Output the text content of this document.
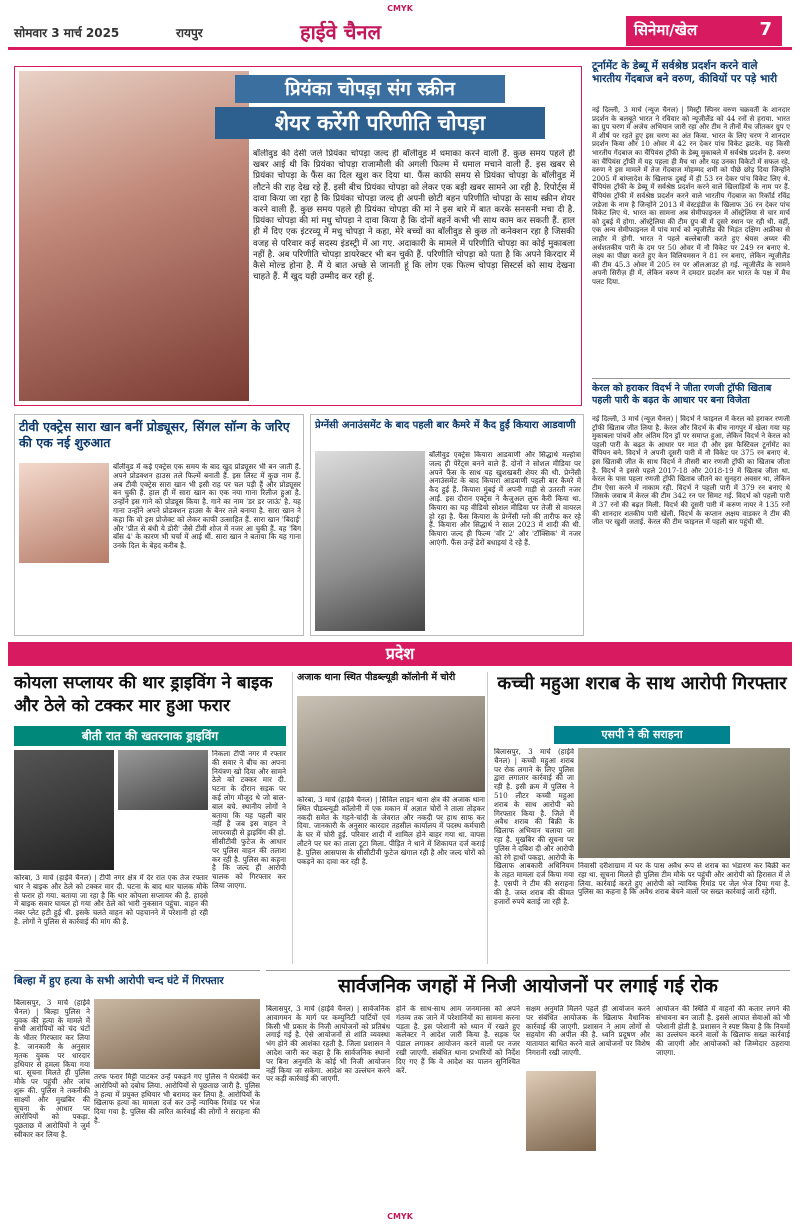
CMYK
सोमवार 3 मार्च 2025	रायपुर	हाईवे चैनल	सिनेमा/खेल	7
प्रियंका चोपड़ा संग स्क्रीन
शेयर करेंगी परिणीति चोपड़ा
बॉलीवुड की देसी जर्ल प्रियंका चोपड़ा जल्द ही बॉलीवुड में धमाका करने वाली हैं. कुछ समय पहले ही खबर आई थी कि प्रियंका चोपड़ा राजामौली की अगली फिल्म में धमाल मचाने वाली हैं. इस खबर से प्रियंका चोपड़ा के फैंस का दिल खुश कर दिया था. फैंस काफी समय से प्रियंका चोपड़ा के बॉलीवुड में लौटने की राह देख रहे हैं. इसी बीच प्रियंका चोपड़ा को लेकर एक बड़ी खबर सामने आ रही है. रिपोर्ट्स में दावा किया जा रहा है कि प्रियंका चोपड़ा जल्द ही अपनी छोटी बहन परिणीति चोपड़ा के साथ स्क्रीन शेयर करने वाली हैं. कुछ समय पहले ही प्रियंका चोपड़ा की मां ने इस बारे में बात करके सनसनी मचा दी है. प्रियंका चोपड़ा की मां मधु चोपड़ा ने दावा किया है कि दोनों बहनें कभी भी साथ काम कर सकती हैं. हाल ही में दिए एक इंटरव्यू में मधु चोपड़ा ने कहा, मेरे बच्चों का बॉलीवुड से कुछ तो कनेक्शन रहा है जिसकी वजह से परिवार कई सदस्य इंडस्ट्री में आ गए. अदाकारी के मामले में परिणीति चोपड़ा का कोई मुकाबला नहीं है. अब परिणीति चोपड़ा डायरेक्टर भी बन चुकी हैं. परिणीति चोपड़ा को पता है कि अपने किरदार में कैसे मोल्ड होना है. मैं ये बात अच्छे से जानती हूं कि लोग एक फिल्म चोपड़ा सिस्टर्स को साथ देखना चाहते हैं. मैं खुद यही उम्मीद कर रही हूं.
टूर्नामेंट के डेब्यू में सर्वश्रेष्ठ प्रदर्शन करने वाले भारतीय गेंदबाज बने वरुण, कीवियों पर पड़े भारी
नई दिल्ली, 3 मार्च (न्यूज चैनल) | मिस्ट्री स्पिनर वरुण चक्रवर्ती के शानदार प्रदर्शन के बलबूते भारत ने रविवार को न्यूजीलैंड को 44 रनों से हराया. भारत का ग्रुप चरण में अजेय अभियान जारी रहा और टीम ने तीनों मैच जीतकर ग्रुप ए में शीर्ष पर रहते हुए इस चरण का अंत किया. भारत के लिए चरण ने शानदार प्रदर्शन किया और 10 ओवर में 42 रन देकर पांच विकेट झटके. यह किसी भारतीय गेंदबाज का चैंपियंस ट्रॉफी के डेब्यू मुकाबले में सर्वश्रेष्ठ प्रदर्शन है. वरुण का चैंपियंस ट्रॉफी में यह पहला ही मैच था और यह उनका विकेटों में सफल रहे. वरुण ने इस मामले में तेज गेंदबाज मोहम्मद शमी को पीछे छोड़ दिया जिन्होंने 2005 में बांग्लादेश के खिलाफ दुबई में ही 53 रन देकर पांच विकेट लिए थे. चैंपियंस ट्रॉफी के डेब्यू में सर्वश्रेष्ठ प्रदर्शन करने वाले खिलाड़ियों के नाम पर हैं. चैंपियंस ट्रॉफी में सर्वश्रेष्ठ प्रदर्शन करने वाले भारतीय गेंदबाज का रिकॉर्ड रविंद्र जडेजा के नाम है जिन्होंने 2013 में वेस्टइंडीज के खिलाफ 36 रन देकर पांच विकेट लिए थे. भारत का सामना अब सेमीफाइनल में ऑस्ट्रेलिया से चार मार्च को दुबई में होगा. ऑस्ट्रेलिया की टीम ग्रुप बी में दूसरे स्थान पर रही थी. वहीं, एक अन्य सेमीफाइनल में पांच मार्च को न्यूजीलैंड की भिड़ंत दक्षिण अफ्रीका से लाहौर में होगी. भारत ने पहले बल्लेबाजी करते हुए श्रेयस अय्यर की अर्धशतकीय पारी के दम पर 50 ओवर में नौ विकेट पर 249 रन बनाए थे. लक्ष्य का पीछा करते हुए केन विलियमसन ने 81 रन बनाए, लेकिन न्यूजीलैंड की टीम 45.3 ओवर में 205 रन पर ऑलआउट हो गई. न्यूजीलैंड के सामने अपनी सिरीज़ ही में, लेकिन वरुण ने दमदार प्रदर्शन कर भारत के पक्ष में मैच पलट दिया.
केरल को हराकर विदर्भ ने जीता रणजी ट्रॉफी खिताब पहली पारी के बढ़त के आधार पर बना विजेता
नई दिल्ली, 3 मार्च (न्यूज चैनल) | विदर्भ ने फाइनल में केरल को हराकर रणजी ट्रॉफी खिताब जीत लिया है. केरल और विदर्भ के बीच नागपुर में खेला गया यह मुकाबला पांचवें और अंतिम दिन ड्रॉ पर समाप्त हुआ, लेकिन विदर्भ ने केरल को पहली पारी के बढ़त के आधार पर मात दी और इस फैस्टिवल टूर्नामेंट का चैंपियन बने. विदर्भ ने अपनी दूसरी पारी में नौ विकेट पर 375 रन बनाए थे. इस खिताबी जीत के साथ विदर्भ ने तीसरी बार रणजी ट्रॉफी का खिताब जीता है. विदर्भ ने इससे पहले 2017-18 और 2018-19 में खिताब जीता था. केरल के पास पहला रणजी ट्रॉफी खिताब जीतने का सुनहरा अवसर था, लेकिन टीम ऐसा करने में नाकाम रही. विदर्भ ने पहली पारी में 379 रन बनाए थे जिसके जवाब में केरल की टीम 342 रन पर सिमट गई. विदर्भ को पहली पारी में 37 रनों की बढ़त मिली. विदर्भ की दूसरी पारी में करुण नायर ने 135 रनों की शानदार शतकीय पारी खेली. विदर्भ के कप्तान अक्षय वाडकर ने टीम की जीत पर खुशी जताई. केरल की टीम फाइनल में पहली बार पहुंची थी.
टीवी एक्ट्रेस सारा खान बनीं प्रोड्यूसर, सिंगल सॉन्ग के जरिए की एक नई शुरुआत
बॉलीवुड में कई एक्ट्रेस एक समय के बाद खुद प्रोड्यूसर भी बन जाती हैं. अपने प्रोडक्शन हाउस तले फिल्में बनाती हैं. इस लिस्ट में कुछ नाम हैं. अब टीवी एक्ट्रेस सारा खान भी इसी राह पर चल पड़ी हैं और प्रोड्यूसर बन चुकी हैं. हाल ही में सारा खान का एक नया गाना रिलीज हुआ है. उन्होंने इस गाने को प्रोड्यूस किया है. गाने का नाम 'डर डर जाऊं' है. यह गाना उन्होंने अपने प्रोडक्शन हाउस के बैनर तले बनाया है. सारा खान ने कहा कि वो इस प्रोजेक्ट को लेकर काफी उत्साहित हैं. सारा खान 'बिदाई' और 'प्रीत से बंधी ये डोरी' जैसे टीवी शोज में नजर आ चुकी हैं. वह 'बिग बॉस 4' के कारण भी चर्चा में आई थीं. सारा खान ने बताया कि यह गाना उनके दिल के बेहद करीब है.
प्रेग्नेंसी अनाउंसमेंट के बाद पहली बार कैमरे में कैद हुईं कियारा आडवाणी
बॉलीवुड एक्ट्रेस कियारा आडवाणी और सिद्धार्थ मल्होत्रा जल्द ही पेरेंट्स बनने वाले हैं. दोनों ने सोशल मीडिया पर अपने फैंस के साथ यह खुशखबरी शेयर की थी. प्रेग्नेंसी अनाउंसमेंट के बाद कियारा आडवाणी पहली बार कैमरे में कैद हुई हैं. कियारा मुंबई में अपनी गाड़ी से उतरती नजर आईं. इस दौरान एक्ट्रेस ने कैजुअल लुक कैरी किया था. कियारा का यह वीडियो सोशल मीडिया पर तेजी से वायरल हो रहा है. फैंस कियारा के प्रेग्नेंसी ग्लो की तारीफ कर रहे हैं. कियारा और सिद्धार्थ ने साल 2023 में शादी की थी. कियारा जल्द ही फिल्म 'वॉर 2' और 'टॉक्सिक' में नजर आएंगी. फैंस उन्हें ढेरों बधाइयां दे रहे हैं.
प्रदेश
कोयला सप्लायर की थार ड्राइविंग ने बाइक और ठेले को टक्कर मार हुआ फरार
बीती रात की खतरनाक ड्राइविंग
कोरबा, 3 मार्च (हाईवे चैनल) | टीपी नगर क्षेत्र में देर रात एक तेज रफ्तार थार ने बाइक और ठेले को टक्कर मार दी. घटना के बाद थार चालक मौके से फरार हो गया. बताया जा रहा है कि थार कोयला सप्लायर की है. हादसे में बाइक सवार घायल हो गया और ठेले को भारी नुकसान पहुंचा. वाहन की नंबर प्लेट हटी हुई थी. इसके चलते वाहन को पहचानने में परेशानी हो रही है. लोगों ने पुलिस से कार्रवाई की मांग की है.
निकला टीपी नगर में रफ्तार की सवार ने बीच का अपना नियंत्रण खो दिया और सामने ठेले को टक्कर मार दी. घटना के दौरान सड़क पर कई लोग मौजूद थे जो बाल-बाल बचे. स्थानीय लोगों ने बताया कि यह पहली बार नहीं है जब इस वाहन ने लापरवाही से ड्राइविंग की हो. सीसीटीवी फुटेज के आधार पर पुलिस वाहन की तलाश कर रही है. पुलिस का कहना है कि जल्द ही आरोपी चालक को गिरफ्तार कर लिया जाएगा.
अजाक थाना स्थित पीडब्ल्यूडी कॉलोनी में चोरी
कोरबा, 3 मार्च (हाईवे चैनल) | सिविल लाइन थाना क्षेत्र की अजाक थाना स्थित पीडब्ल्यूडी कॉलोनी में एक मकान में अज्ञात चोरों ने ताला तोड़कर नकदी समेत के गहने-चांदी के जेवरात और नकदी पर हाथ साफ कर दिया. जानकारी के अनुसार कारदार तहसील कार्यालय में पदस्थ कर्मचारी के घर में चोरी हुई. परिवार शादी में शामिल होने बाहर गया था. वापस लौटने पर घर का ताला टूटा मिला. पीड़ित ने थाने में शिकायत दर्ज कराई है. पुलिस आसपास के सीसीटीवी फुटेज खंगाल रही है और जल्द चोरों को पकड़ने का दावा कर रही है.
कच्ची महुआ शराब के साथ आरोपी गिरफ्तार
एसपी ने की सराहना
बिलासपुर, 3 मार्च (हाईवे चैनल) | कच्ची महुआ शराब पर रोक लगाने के लिए पुलिस द्वारा लगातार कार्रवाई की जा रही है. इसी क्रम में पुलिस ने 510 लीटर कच्ची महुआ शराब के साथ आरोपी को गिरफ्तार किया है. जिले में अवैध शराब की बिक्री के खिलाफ अभियान चलाया जा रहा है. मुखबिर की सूचना पर पुलिस ने दबिश दी और आरोपी को रंगे हाथों पकड़ा. आरोपी के खिलाफ आबकारी अधिनियम के तहत मामला दर्ज किया गया है. एसपी ने टीम की सराहना की है. जब्त शराब की कीमत हजारों रुपये बताई जा रही है.
निवासी दरीशाग्राम में घर के पास अवैध रूप से शराब का भंडारण कर बिक्री कर रहा था. सूचना मिलते ही पुलिस टीम मौके पर पहुंची और आरोपी को हिरासत में ले लिया. कार्रवाई करते हुए आरोपी को न्यायिक रिमांड पर जेल भेज दिया गया है. पुलिस का कहना है कि अवैध शराब बेचने वालों पर सख्त कार्रवाई जारी रहेगी.
बिल्हा में हुए हत्या के सभी आरोपी चन्द घंटे में गिरफ्तार
बिलासपुर, 3 मार्च (हाईवे चैनल) | बिल्हा पुलिस ने युवक की हत्या के मामले में सभी आरोपियों को चंद घंटों के भीतर गिरफ्तार कर लिया है. जानकारी के अनुसार मृतक युवक पर धारदार हथियार से हमला किया गया था. सूचना मिलते ही पुलिस मौके पर पहुंची और जांच शुरू की. पुलिस ने तकनीकी साक्ष्यों और मुखबिर की सूचना के आधार पर आरोपियों को पकड़ा. पूछताछ में आरोपियों ने जुर्म स्वीकार कर लिया है.
तरफ फरार मिट्टी पाटकर उन्हें पकड़ने गए पुलिस ने घेराबंदी कर आरोपियों को दबोच लिया. आरोपियों से पूछताछ जारी है. पुलिस ने हत्या में प्रयुक्त हथियार भी बरामद कर लिया है. आरोपियों के खिलाफ हत्या का मामला दर्ज कर उन्हें न्यायिक रिमांड पर भेज दिया गया है. पुलिस की त्वरित कार्रवाई की लोगों ने सराहना की है.
सार्वजनिक जगहों में निजी आयोजनों पर लगाई गई रोक
बिलासपुर, 3 मार्च (हाईवे चैनल) | सार्वजनिक आवागमन के मार्ग पर कम्युनिटी पार्टियों एवं किसी भी प्रकार के निजी आयोजनों को प्रतिबंध लगाई गई है. ऐसे आयोजनों से शांति व्यवस्था भंग होने की आशंका रहती है. जिला प्रशासन ने आदेश जारी कर कहा है कि सार्वजनिक स्थानों पर बिना अनुमति के कोई भी निजी आयोजन नहीं किया जा सकेगा. आदेश का उल्लंघन करने पर कड़ी कार्रवाई की जाएगी.
होने के साथ-साथ आम जनमानस को अपने गंतव्य तक जाने में परेशानियों का सामना करना पड़ता है. इस परेशानी को ध्यान में रखते हुए कलेक्टर ने आदेश जारी किया है. सड़क पर पंडाल लगाकर आयोजन करने वालों पर नजर रखी जाएगी. संबंधित थाना प्रभारियों को निर्देश दिए गए हैं कि वे आदेश का पालन सुनिश्चित करें.
सक्षम अनुमति मिलने पहले ही आयोजन करने पर संबंधित आयोजक के खिलाफ वैधानिक कार्रवाई की जाएगी. प्रशासन ने आम लोगों से सहयोग की अपील की है. ध्वनि प्रदूषण और यातायात बाधित करने वाले आयोजनों पर विशेष निगरानी रखी जाएगी.
आयोजन की स्थिति में वाहनों की कतार लगने की संभावना बन जाती है. इससे आपात सेवाओं को भी परेशानी होती है. प्रशासन ने स्पष्ट किया है कि नियमों का उल्लंघन करने वालों के खिलाफ सख्त कार्रवाई की जाएगी और आयोजकों को जिम्मेदार ठहराया जाएगा.
CMYK
